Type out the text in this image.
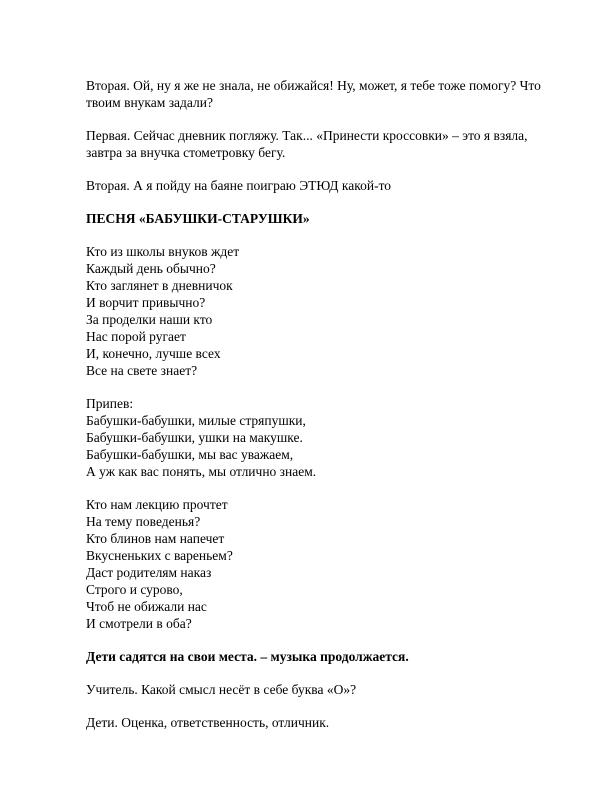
Вторая. Ой, ну я же не знала, не обижайся! Ну, может, я тебе тоже помогу? Что
твоим внукам задали?
Первая. Сейчас дневник погляжу. Так... «Принести кроссовки» – это я взяла,
завтра за внучка стометровку бегу.
Вторая. А я пойду на баяне поиграю ЭТЮД какой-то
ПЕСНЯ «БАБУШКИ-СТАРУШКИ»
Кто из школы внуков ждет
Каждый день обычно?
Кто заглянет в дневничок
И ворчит привычно?
За проделки наши кто
Нас порой ругает
И, конечно, лучше всех
Все на свете знает?
Припев:
Бабушки-бабушки, милые стряпушки,
Бабушки-бабушки, ушки на макушке.
Бабушки-бабушки, мы вас уважаем,
А уж как вас понять, мы отлично знаем.
Кто нам лекцию прочтет
На тему поведенья?
Кто блинов нам напечет
Вкусненьких с вареньем?
Даст родителям наказ
Строго и сурово,
Чтоб не обижали нас
И смотрели в оба?
Дети садятся на свои места. – музыка продолжается.
Учитель. Какой смысл несёт в себе буква «О»?
Дети. Оценка, ответственность, отличник.
